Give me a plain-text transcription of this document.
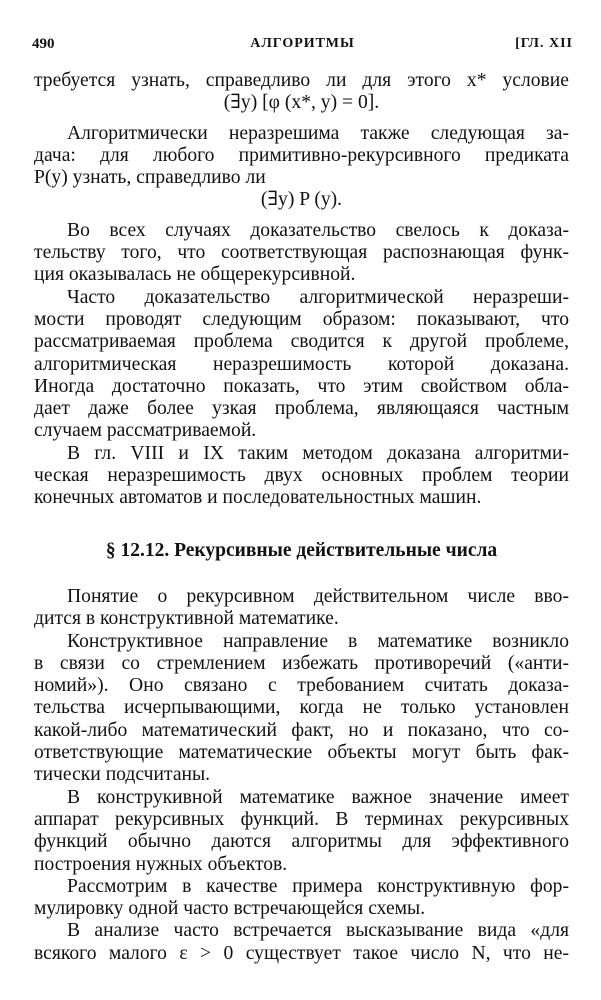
490	АЛГОРИТМЫ	[ГЛ. XII
требуется узнать, справедливо ли для этого x* условие
(∃y) [φ (x*, y) = 0].
Алгоритмически неразрешима также следующая за-
дача: для любого примитивно-рекурсивного предиката
P(y) узнать, справедливо ли
(∃y) P (y).
Во всех случаях доказательство свелось к доказа-
тельству того, что соответствующая распознающая функ-
ция оказывалась не общерекурсивной.
Часто доказательство алгоритмической неразреши-
мости проводят следующим образом: показывают, что
рассматриваемая проблема сводится к другой проблеме,
алгоритмическая неразрешимость которой доказана.
Иногда достаточно показать, что этим свойством обла-
дает даже более узкая проблема, являющаяся частным
случаем рассматриваемой.
В гл. VIII и IX таким методом доказана алгоритми-
ческая неразрешимость двух основных проблем теории
конечных автоматов и последовательностных машин.
§ 12.12. Рекурсивные действительные числа
Понятие о рекурсивном действительном числе вво-
дится в конструктивной математике.
Конструктивное направление в математике возникло
в связи со стремлением избежать противоречий («анти-
номий»). Оно связано с требованием считать доказа-
тельства исчерпывающими, когда не только установлен
какой-либо математический факт, но и показано, что со-
ответствующие математические объекты могут быть фак-
тически подсчитаны.
В конструкивной математике важное значение имеет
аппарат рекурсивных функций. В терминах рекурсивных
функций обычно даются алгоритмы для эффективного
построения нужных объектов.
Рассмотрим в качестве примера конструктивную фор-
мулировку одной часто встречающейся схемы.
В анализе часто встречается высказывание вида «для
всякого малого ε > 0 существует такое число N, что не-
